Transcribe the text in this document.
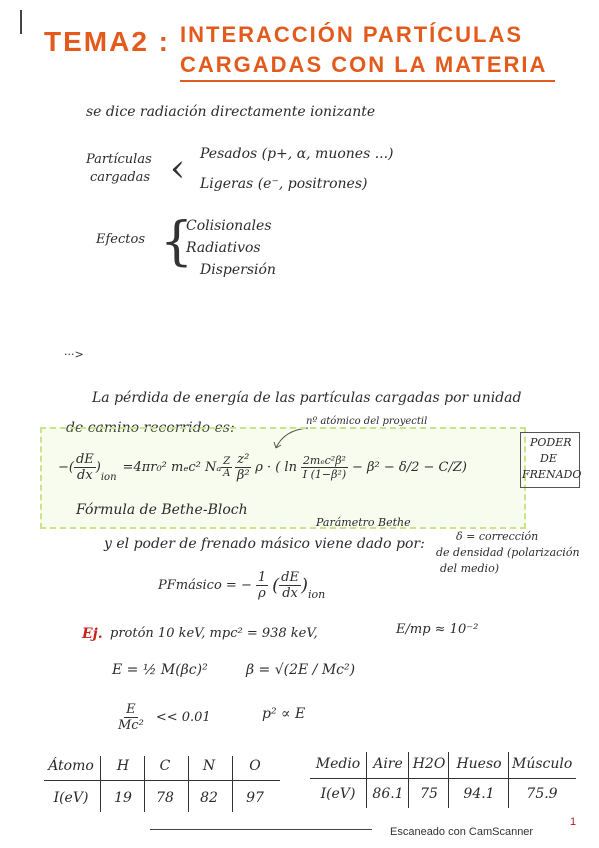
TEMA2 : INTERACCIÓN PARTÍCULAS
CARGADAS CON LA MATERIA
se dice radiación directamente ionizante
Partículas
cargadas ‹ Pesados (p+, α, muones ...)
Ligeras (e⁻, positrones)
Efectos {
Colisionales
Radiativos
Dispersión
···>
La pérdida de energía de las partículas cargadas por unidad
de camino recorrido es:	nº atómico del proyectil
PODER
DE
FRENADO
−( $\frac{dE}{dx}$ )
ion
= 4πr₀² mₑc² Nₐ $\frac{Z}{A} \frac{\text{z²}}{\text{β²}}$ ρ · ( $\ln \frac{\text{2mₑc²β²}}{\text{I (1−β²)}} - \beta^2 - \delta/2 - C/Z$ )
Fórmula de Bethe-Bloch
Parámetro Bethe
δ = corrección
de densidad (polarización
del medio)
y el poder de frenado másico viene dado por:
PFmásico = − $\frac{1}{\rho}$ ( $\frac{dE}{dx}$ ) ion
Ej. protón 10 keV, mpc² = 938 keV,	E/mp ≈ 10⁻²
E = ½ M(βc)²	β = √(2E / Mc²)
$\frac{E}{\text{Mc²}} << 0.01$	p² ∝ E
Átomo	H	C	N	O
I(eV)	19	78	82	97
Medio Aire H2O Hueso Músculo
I(eV)	86.1	75	94.1	75.9
Escaneado con CamScanner
1
